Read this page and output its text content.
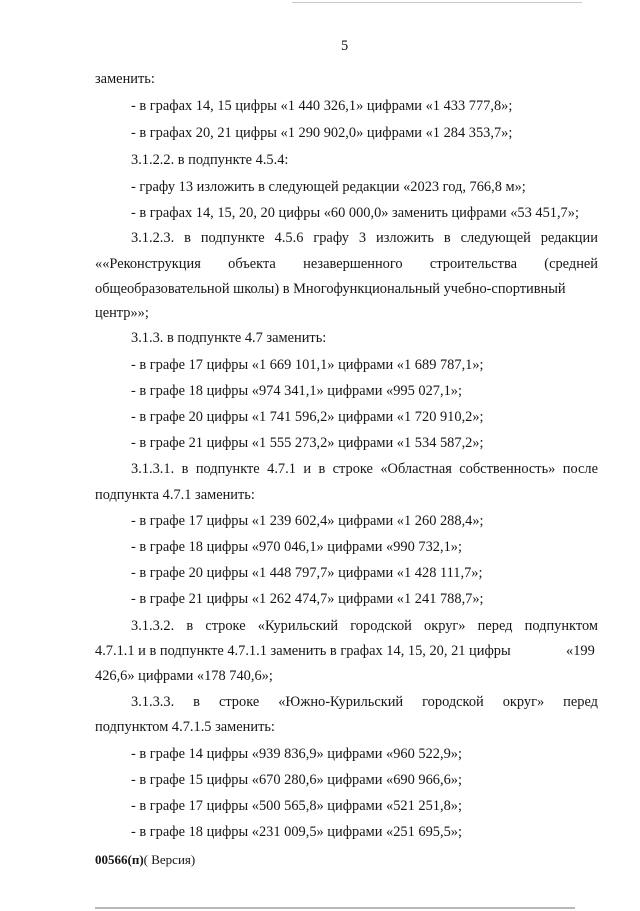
5
заменить:
- в графах 14, 15 цифры «1 440 326,1» цифрами «1 433 777,8»;
- в графах 20, 21 цифры «1 290 902,0» цифрами «1 284 353,7»;
3.1.2.2. в подпункте 4.5.4:
- графу 13 изложить в следующей редакции «2023 год, 766,8 м»;
- в графах 14, 15, 20, 20 цифры «60 000,0» заменить цифрами «53 451,7»;
3.1.2.3. в подпункте 4.5.6 графу 3 изложить в следующей редакции
««Реконструкция объекта незавершенного строительства (средней
общеобразовательной школы) в Многофункциональный учебно-спортивный
центр»»;
3.1.3. в подпункте 4.7 заменить:
- в графе 17 цифры «1 669 101,1» цифрами «1 689 787,1»;
- в графе 18 цифры «974 341,1» цифрами «995 027,1»;
- в графе 20 цифры «1 741 596,2» цифрами «1 720 910,2»;
- в графе 21 цифры «1 555 273,2» цифрами «1 534 587,2»;
3.1.3.1. в подпункте 4.7.1 и в строке «Областная собственность» после
подпункта 4.7.1 заменить:
- в графе 17 цифры «1 239 602,4» цифрами «1 260 288,4»;
- в графе 18 цифры «970 046,1» цифрами «990 732,1»;
- в графе 20 цифры «1 448 797,7» цифрами «1 428 111,7»;
- в графе 21 цифры «1 262 474,7» цифрами «1 241 788,7»;
3.1.3.2. в строке «Курильский городской округ» перед подпунктом
4.7.1.1 и в подпункте 4.7.1.1 заменить в графах 14, 15, 20, 21 цифры	«199
426,6» цифрами «178 740,6»;
3.1.3.3. в строке «Южно-Курильский городской округ» перед
подпунктом 4.7.1.5 заменить:
- в графе 14 цифры «939 836,9» цифрами «960 522,9»;
- в графе 15 цифры «670 280,6» цифрами «690 966,6»;
- в графе 17 цифры «500 565,8» цифрами «521 251,8»;
- в графе 18 цифры «231 009,5» цифрами «251 695,5»;
00566(п)( Версия)
